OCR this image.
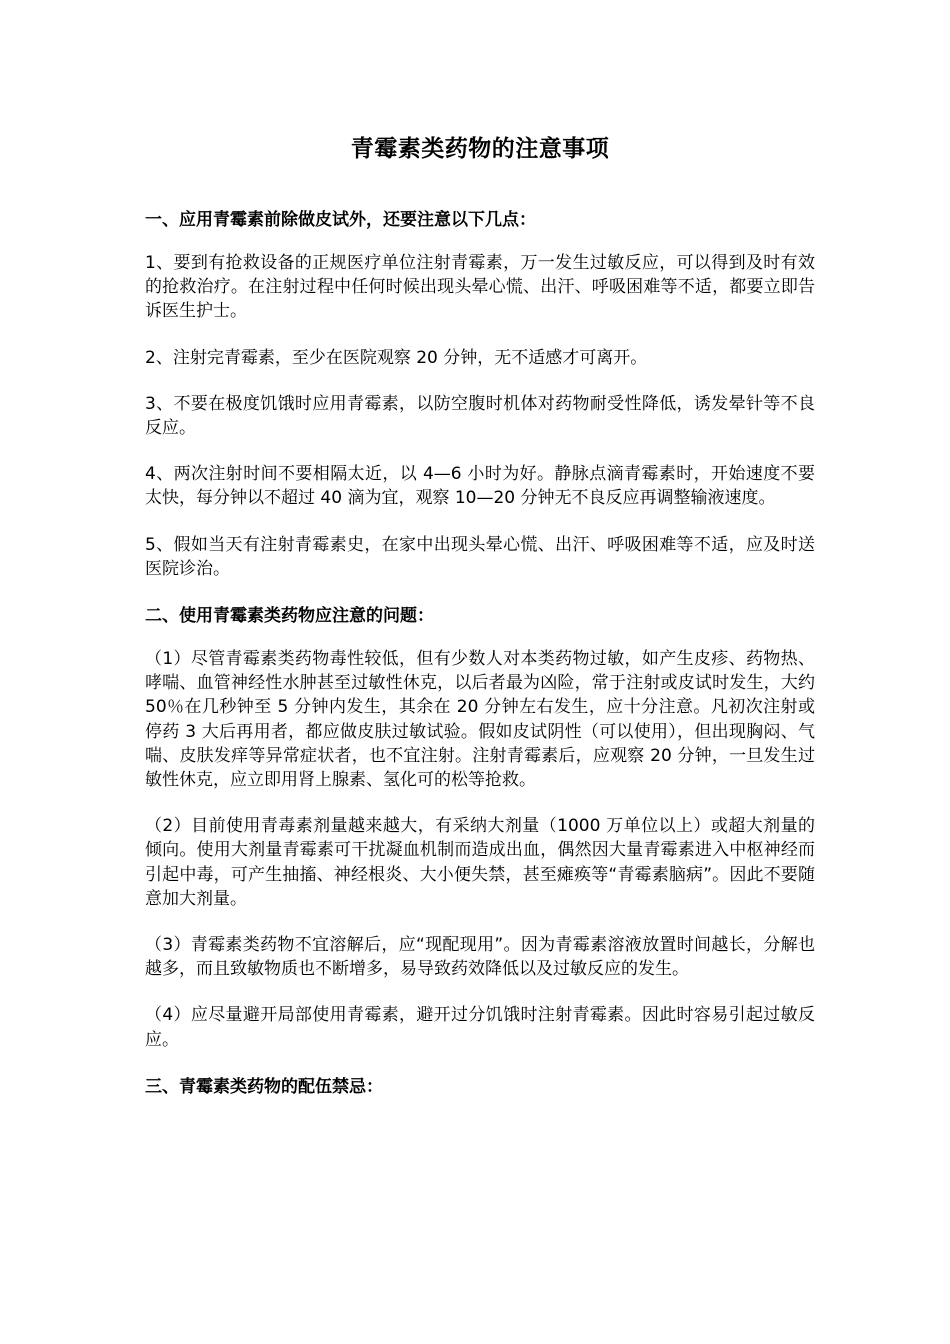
青霉素类药物的注意事项
一、应用青霉素前除做皮试外，还要注意以下几点：

1、要到有抢救设备的正规医疗单位注射青霉素，万一发生过敏反应，可以得到及时有效的抢救治疗。在注射过程中任何时候出现头晕心慌、出汗、呼吸困难等不适，都要立即告诉医生护士。

2、注射完青霉素，至少在医院观察 20 分钟，无不适感才可离开。

3、不要在极度饥饿时应用青霉素，以防空腹时机体对药物耐受性降低，诱发晕针等不良反应。

4、两次注射时间不要相隔太近，以 4—6 小时为好。静脉点滴青霉素时，开始速度不要太快，每分钟以不超过 40 滴为宜，观察 10—20 分钟无不良反应再调整输液速度。

5、假如当天有注射青霉素史，在家中出现头晕心慌、出汗、呼吸困难等不适，应及时送医院诊治。

二、使用青霉素类药物应注意的问题：

（1）尽管青霉素类药物毒性较低，但有少数人对本类药物过敏，如产生皮疹、药物热、哮喘、血管神经性水肿甚至过敏性休克，以后者最为凶险，常于注射或皮试时发生，大约 50％在几秒钟至 5 分钟内发生，其余在 20 分钟左右发生，应十分注意。凡初次注射或停药 3 大后再用者，都应做皮肤过敏试验。假如皮试阴性（可以使用），但出现胸闷、气喘、皮肤发痒等异常症状者，也不宜注射。注射青霉素后，应观察 20 分钟，一旦发生过敏性休克，应立即用肾上腺素、氢化可的松等抢救。

（2）目前使用青毒素剂量越来越大，有采纳大剂量（1000 万单位以上）或超大剂量的倾向。使用大剂量青霉素可干扰凝血机制而造成出血，偶然因大量青霉素进入中枢神经而引起中毒，可产生抽搐、神经根炎、大小便失禁，甚至瘫痪等“青霉素脑病”。因此不要随意加大剂量。

（3）青霉素类药物不宜溶解后，应“现配现用”。因为青霉素溶液放置时间越长，分解也越多，而且致敏物质也不断增多，易导致药效降低以及过敏反应的发生。

（4）应尽量避开局部使用青霉素，避开过分饥饿时注射青霉素。因此时容易引起过敏反应。

三、青霉素类药物的配伍禁忌：
